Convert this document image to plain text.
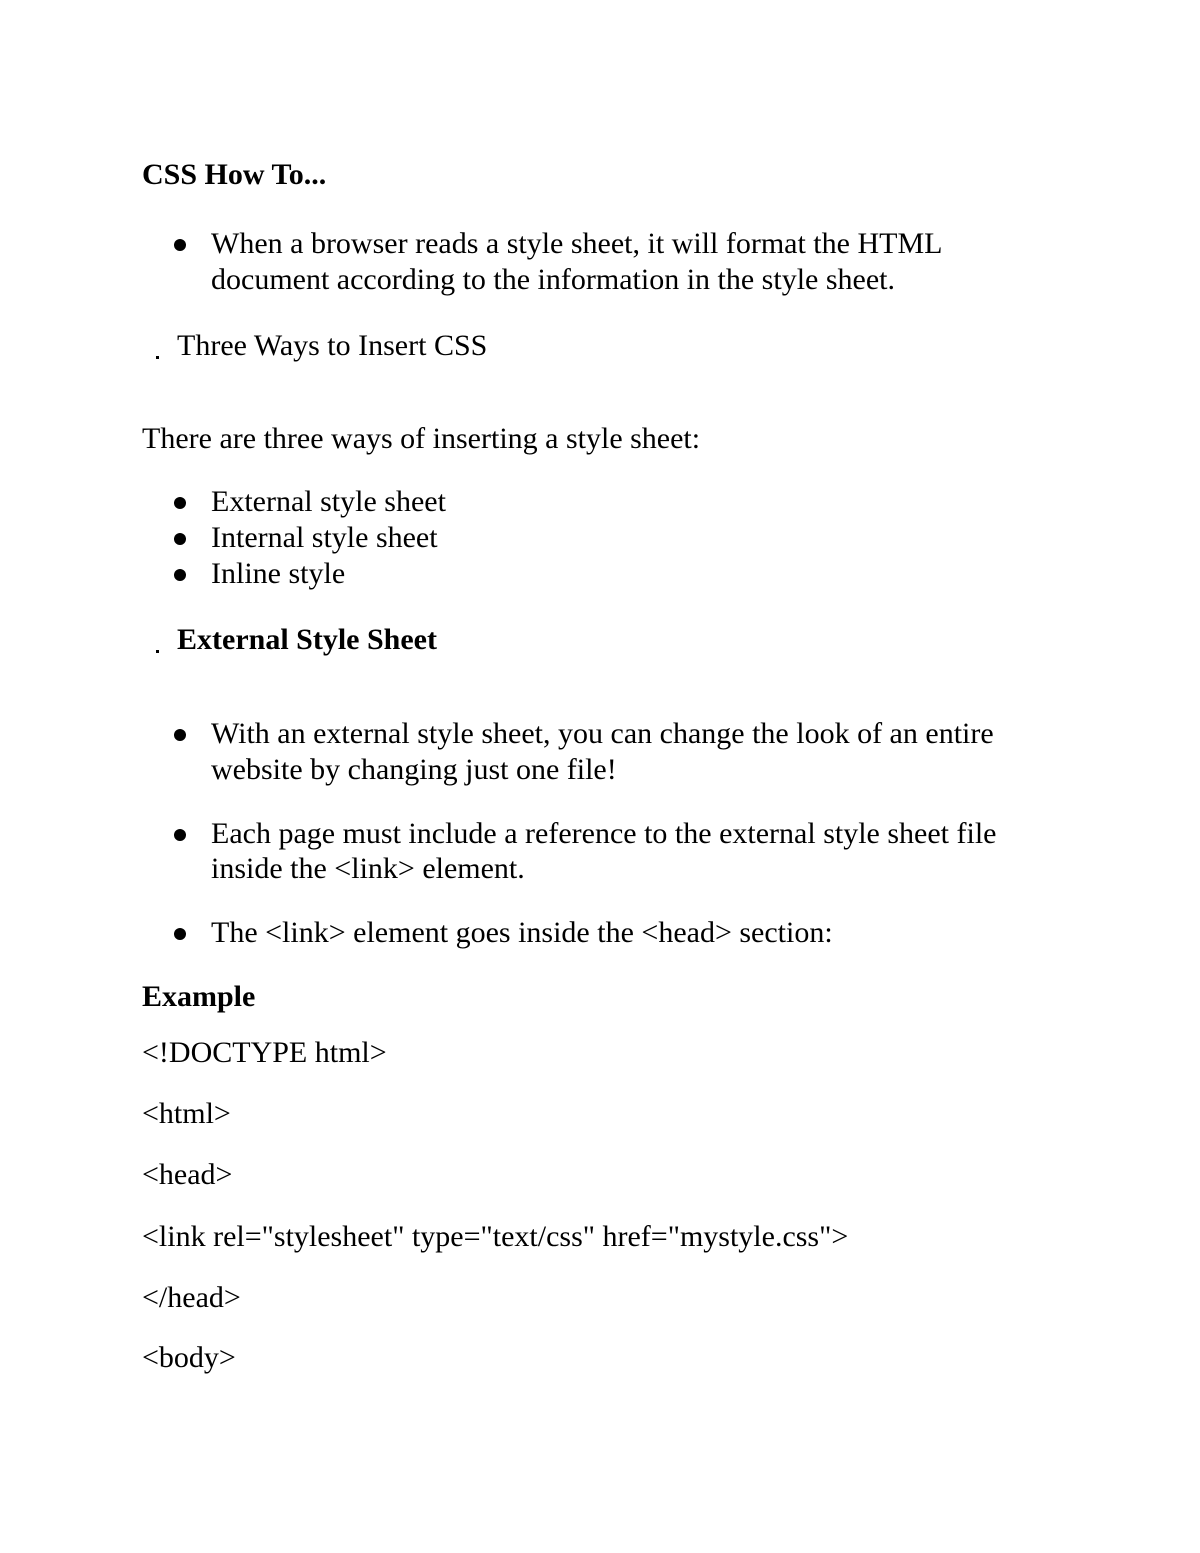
CSS How To...
When a browser reads a style sheet, it will format the HTML
document according to the information in the style sheet.
Three Ways to Insert CSS
There are three ways of inserting a style sheet:
External style sheet
Internal style sheet
Inline style
External Style Sheet
With an external style sheet, you can change the look of an entire
website by changing just one file!
Each page must include a reference to the external style sheet file
inside the <link> element.
The <link> element goes inside the <head> section:
Example
<!DOCTYPE html>
<html>
<head>
<link rel="stylesheet" type="text/css" href="mystyle.css">
</head>
<body>
